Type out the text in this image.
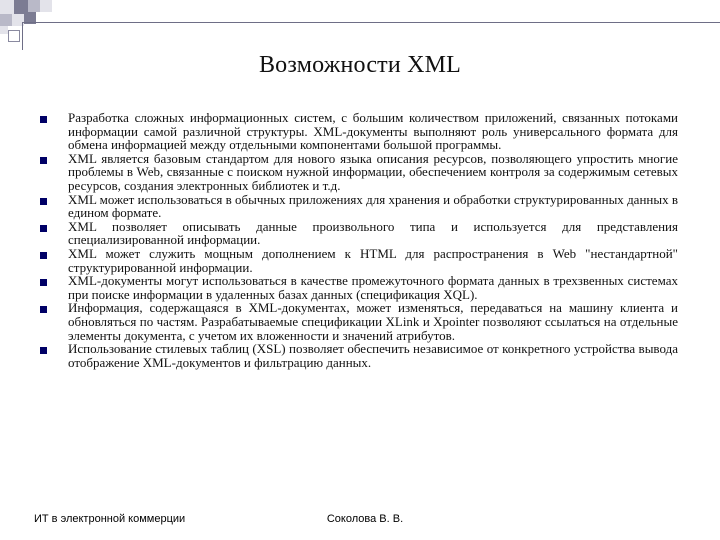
Возможности XML
Разработка сложных информационных систем, с большим количеством приложений, связанных потоками информации самой различной структуры. XML-документы выполняют роль универсального формата для обмена информацией между отдельными компонентами большой программы.
XML является базовым стандартом для нового языка описания ресурсов, позволяющего упростить многие проблемы в Web, связанные с поиском нужной информации, обеспечением контроля за содержимым сетевых ресурсов, создания электронных библиотек и т.д.
XML может использоваться в обычных приложениях для хранения и обработки структурированных данных в едином формате.
XML позволяет описывать данные произвольного типа и используется для представления специализированной информации.
XML может служить мощным дополнением к HTML для распространения в Web "нестандартной" структурированной информации.
XML-документы могут использоваться в качестве промежуточного формата данных в трехзвенных системах при поиске информации в удаленных базах данных (спецификация XQL).
Информация, содержащаяся в XML-документах, может изменяться, передаваться на машину клиента и обновляться по частям. Разрабатываемые спецификации XLink и Xpointer позволяют ссылаться на отдельные элементы документа, с учетом их вложенности и значений атрибутов.
Использование стилевых таблиц (XSL) позволяет обеспечить независимое от конкретного устройства вывода отображение XML-документов и фильтрацию данных.
ИТ в электронной коммерции	Соколова В. В.
